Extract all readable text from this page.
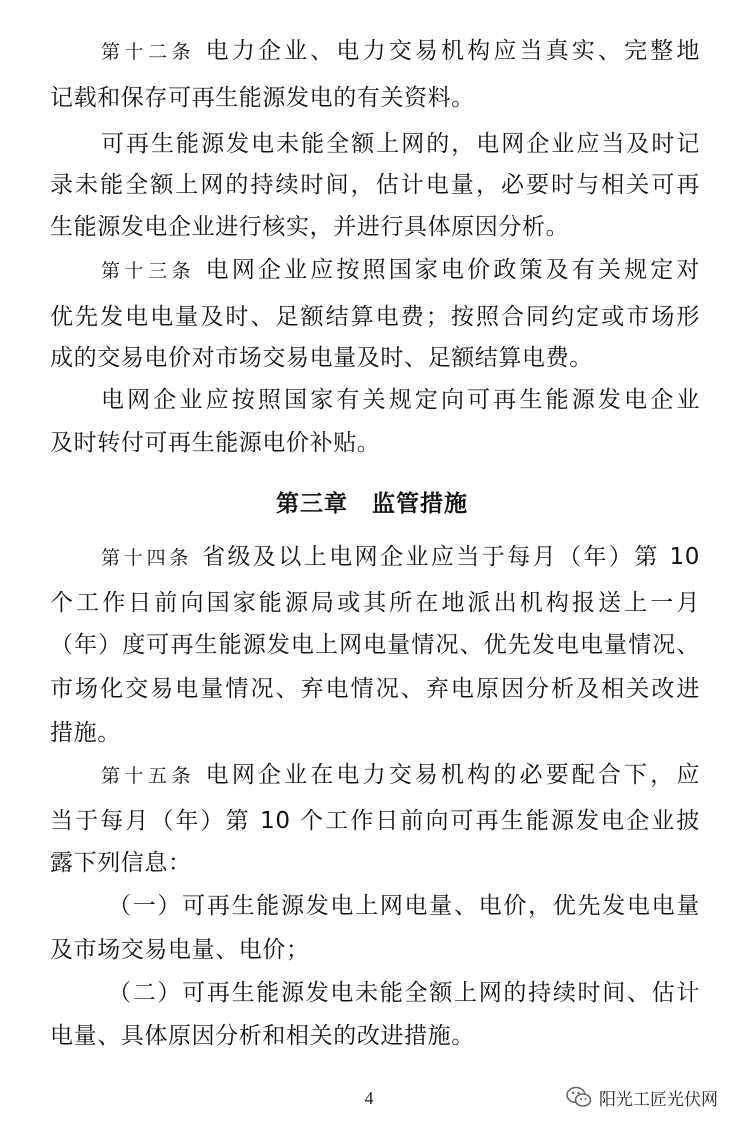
第十二条 电力企业、电力交易机构应当真实、完整地
记载和保存可再生能源发电的有关资料。
可再生能源发电未能全额上网的，电网企业应当及时记
录未能全额上网的持续时间，估计电量，必要时与相关可再
生能源发电企业进行核实，并进行具体原因分析。
第十三条 电网企业应按照国家电价政策及有关规定对
优先发电电量及时、足额结算电费；按照合同约定或市场形
成的交易电价对市场交易电量及时、足额结算电费。
电网企业应按照国家有关规定向可再生能源发电企业
及时转付可再生能源电价补贴。
第三章　监管措施
第十四条 省级及以上电网企业应当于每月（年）第 10
个工作日前向国家能源局或其所在地派出机构报送上一月
（年）度可再生能源发电上网电量情况、优先发电电量情况、
市场化交易电量情况、弃电情况、弃电原因分析及相关改进
措施。
第十五条 电网企业在电力交易机构的必要配合下，应
当于每月（年）第 10 个工作日前向可再生能源发电企业披
露下列信息：
（一）可再生能源发电上网电量、电价，优先发电电量
及市场交易电量、电价；
（二）可再生能源发电未能全额上网的持续时间、估计
电量、具体原因分析和相关的改进措施。
4	阳光工匠光伏网
